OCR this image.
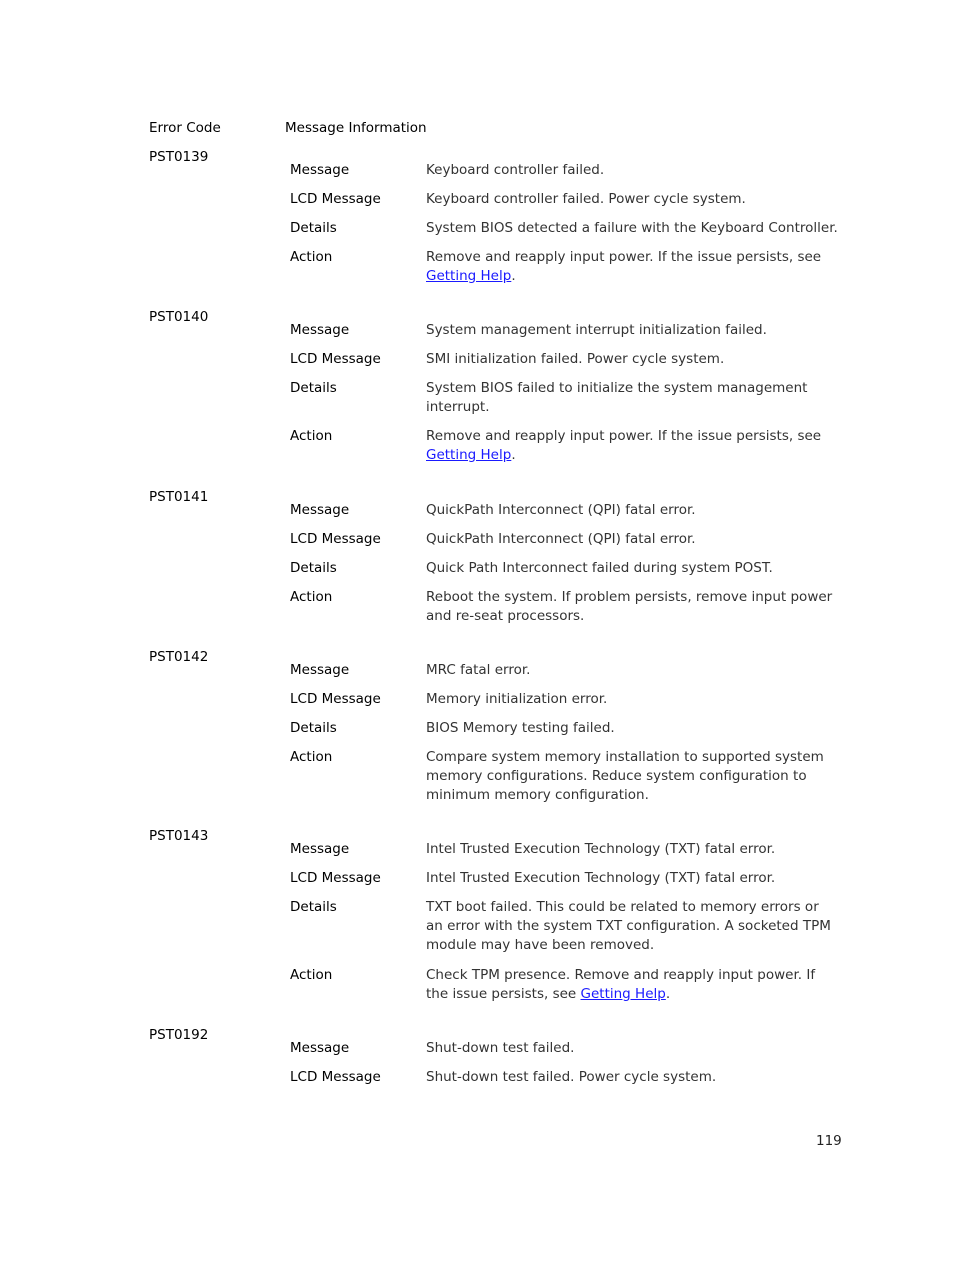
Error Code	Message Information
PST0139
Message	Keyboard controller failed.
LCD Message	Keyboard controller failed. Power cycle system.
Details	System BIOS detected a failure with the Keyboard Controller.
Action	Remove and reapply input power. If the issue persists, see
Getting Help.
PST0140
Message	System management interrupt initialization failed.
LCD Message	SMI initialization failed. Power cycle system.
Details	System BIOS failed to initialize the system management
interrupt.
Action	Remove and reapply input power. If the issue persists, see
Getting Help.
PST0141
Message	QuickPath Interconnect (QPI) fatal error.
LCD Message	QuickPath Interconnect (QPI) fatal error.
Details	Quick Path Interconnect failed during system POST.
Action	Reboot the system. If problem persists, remove input power
and re-seat processors.
PST0142
Message	MRC fatal error.
LCD Message	Memory initialization error.
Details	BIOS Memory testing failed.
Action	Compare system memory installation to supported system
memory configurations. Reduce system configuration to
minimum memory configuration.
PST0143
Message	Intel Trusted Execution Technology (TXT) fatal error.
LCD Message	Intel Trusted Execution Technology (TXT) fatal error.
Details	TXT boot failed. This could be related to memory errors or
an error with the system TXT configuration. A socketed TPM
module may have been removed.
Action	Check TPM presence. Remove and reapply input power. If
the issue persists, see Getting Help.
PST0192
Message	Shut-down test failed.
LCD Message	Shut-down test failed. Power cycle system.
119
